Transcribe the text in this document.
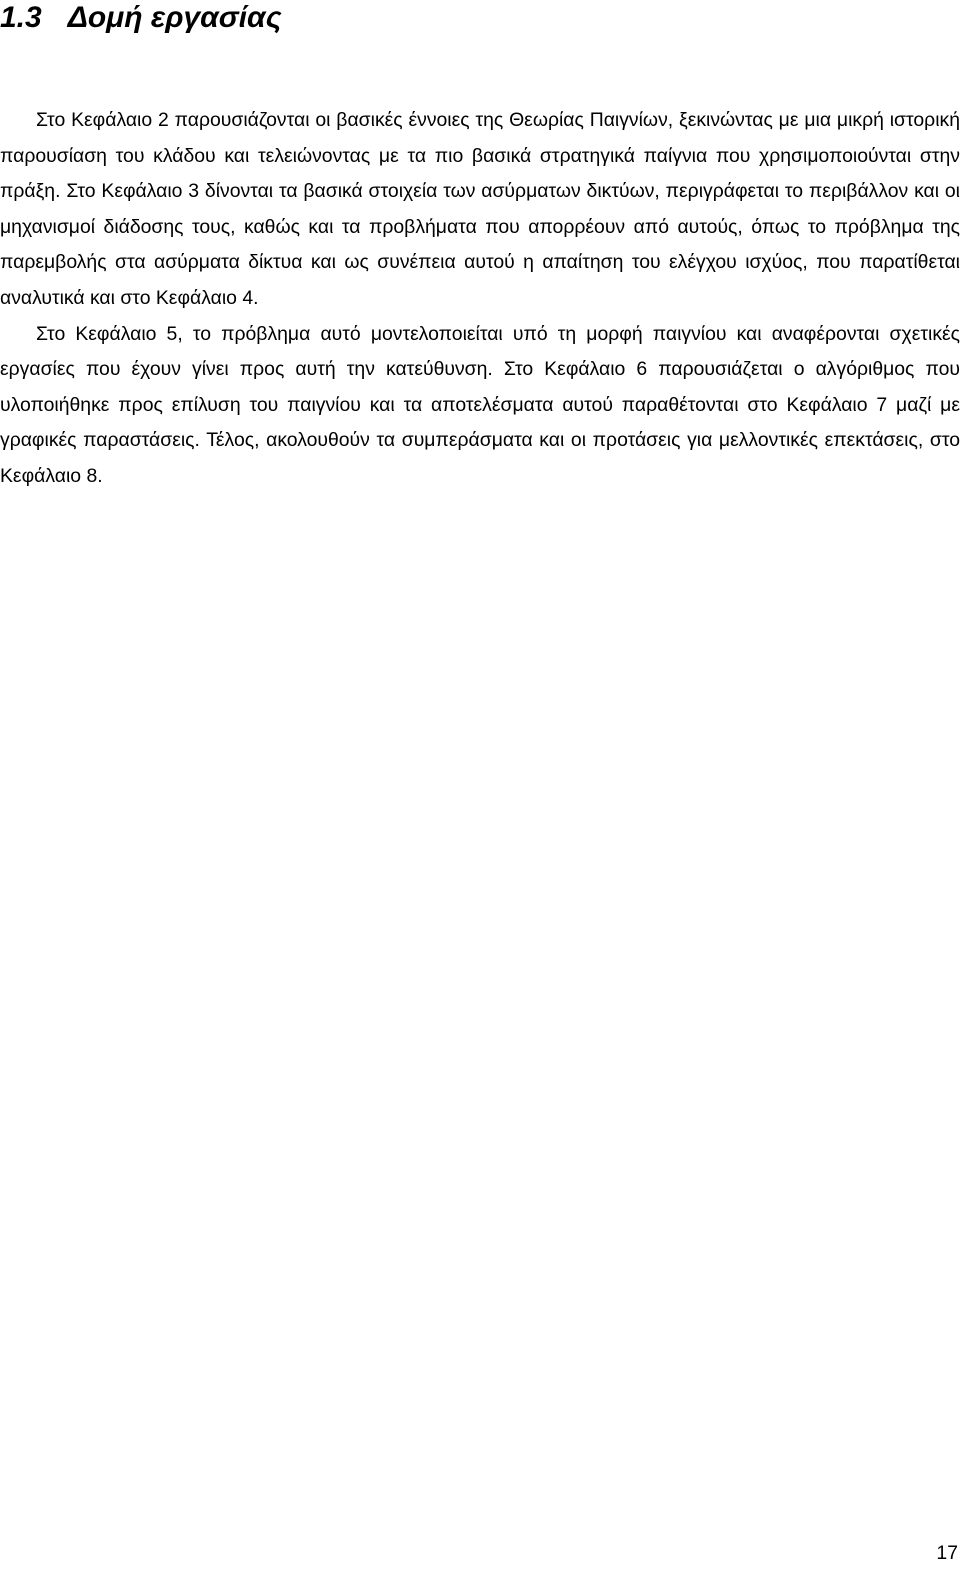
1.3 Δομή εργασίας

Στο Κεφάλαιο 2 παρουσιάζονται οι βασικές έννοιες της Θεωρίας Παιγνίων, ξεκινώντας με μια μικρή ιστορική παρουσίαση του κλάδου και τελειώνοντας με τα πιο βασικά στρατηγικά παίγνια που χρησιμοποιούνται στην πράξη. Στο Κεφάλαιο 3 δίνονται τα βασικά στοιχεία των ασύρματων δικτύων, περιγράφεται το περιβάλλον και οι μηχανισμοί διάδοσης τους, καθώς και τα προβλήματα που απορρέουν από αυτούς, όπως το πρόβλημα της παρεμβολής στα ασύρματα δίκτυα και ως συνέπεια αυτού η απαίτηση του ελέγχου ισχύος, που παρατίθεται αναλυτικά και στο Κεφάλαιο 4.

Στο Κεφάλαιο 5, το πρόβλημα αυτό μοντελοποιείται υπό τη μορφή παιγνίου και αναφέρονται σχετικές εργασίες που έχουν γίνει προς αυτή την κατεύθυνση. Στο Κεφάλαιο 6 παρουσιάζεται ο αλγόριθμος που υλοποιήθηκε προς επίλυση του παιγνίου και τα αποτελέσματα αυτού παραθέτονται στο Κεφάλαιο 7 μαζί με γραφικές παραστάσεις. Τέλος, ακολουθούν τα συμπεράσματα και οι προτάσεις για μελλοντικές επεκτάσεις, στο Κεφάλαιο 8.

17
